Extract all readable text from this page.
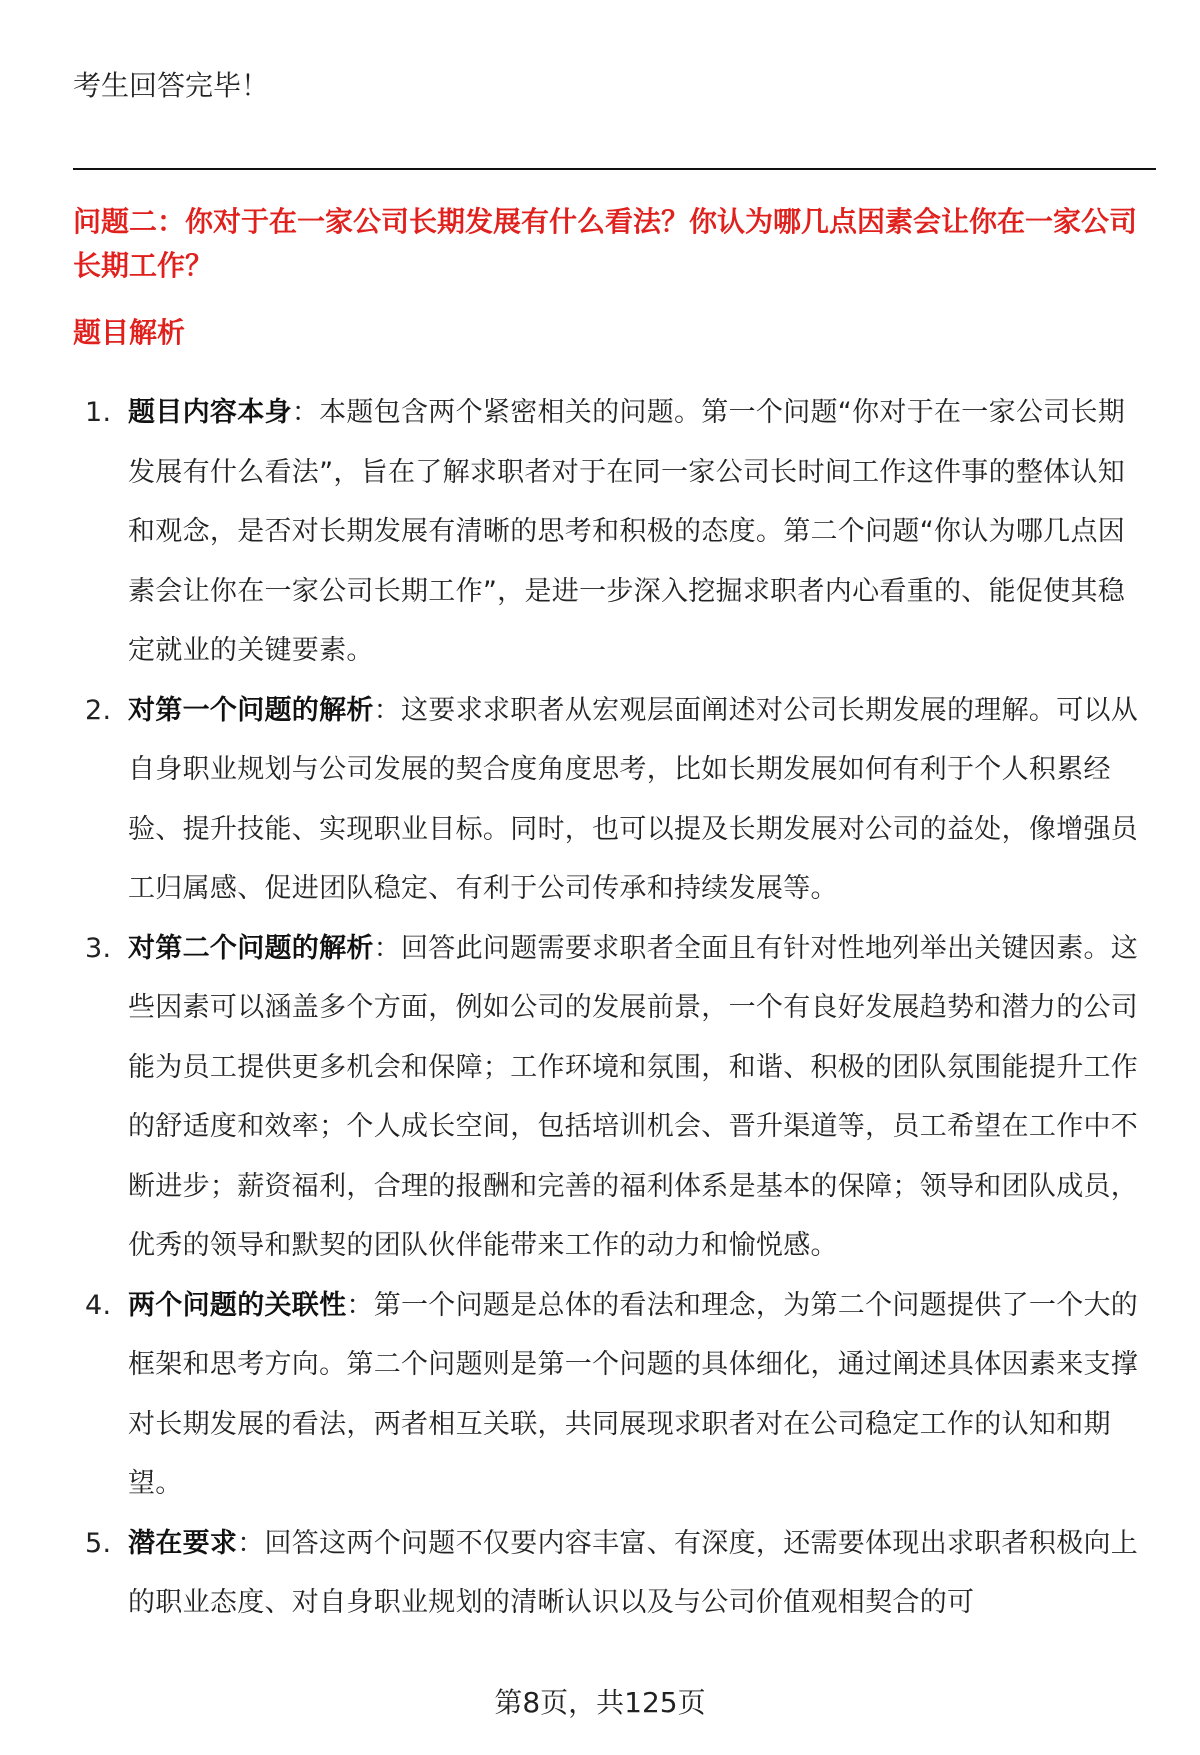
考生回答完毕！

问题二：你对于在一家公司长期发展有什么看法？你认为哪几点因素会让你在一家公司长期工作？
题目解析
1. 题目内容本身：本题包含两个紧密相关的问题。第一个问题“你对于在一家公司长期发展有什么看法”，旨在了解求职者对于在同一家公司长时间工作这件事的整体认知和观念，是否对长期发展有清晰的思考和积极的态度。第二个问题“你认为哪几点因素会让你在一家公司长期工作”，是进一步深入挖掘求职者内心看重的、能促使其稳定就业的关键要素。
2. 对第一个问题的解析：这要求求职者从宏观层面阐述对公司长期发展的理解。可以从自身职业规划与公司发展的契合度角度思考，比如长期发展如何有利于个人积累经验、提升技能、实现职业目标。同时，也可以提及长期发展对公司的益处，像增强员工归属感、促进团队稳定、有利于公司传承和持续发展等。
3. 对第二个问题的解析：回答此问题需要求职者全面且有针对性地列举出关键因素。这些因素可以涵盖多个方面，例如公司的发展前景，一个有良好发展趋势和潜力的公司能为员工提供更多机会和保障；工作环境和氛围，和谐、积极的团队氛围能提升工作的舒适度和效率；个人成长空间，包括培训机会、晋升渠道等，员工希望在工作中不断进步；薪资福利，合理的报酬和完善的福利体系是基本的保障；领导和团队成员，优秀的领导和默契的团队伙伴能带来工作的动力和愉悦感。
4. 两个问题的关联性：第一个问题是总体的看法和理念，为第二个问题提供了一个大的框架和思考方向。第二个问题则是第一个问题的具体细化，通过阐述具体因素来支撑对长期发展的看法，两者相互关联，共同展现求职者对在公司稳定工作的认知和期望。
5. 潜在要求：回答这两个问题不仅要内容丰富、有深度，还需要体现出求职者积极向上的职业态度、对自身职业规划的清晰认识以及与公司价值观相契合的可

第8页，共125页
